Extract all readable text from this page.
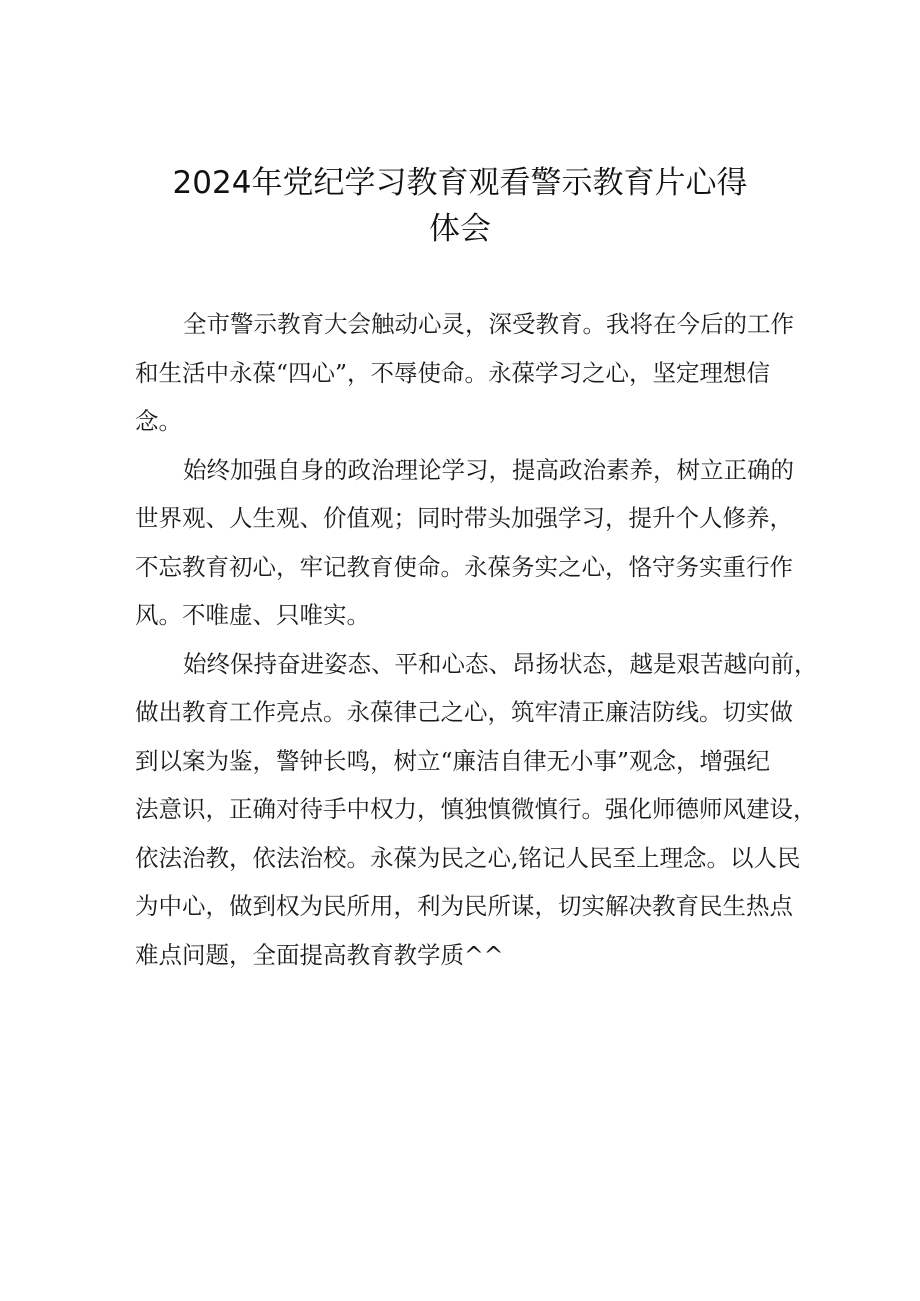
2024年党纪学习教育观看警示教育片心得
体会

全市警示教育大会触动心灵，深受教育。我将在今后的工作
和生活中永葆“四心”，不辱使命。永葆学习之心，坚定理想信
念。

始终加强自身的政治理论学习，提高政治素养，树立正确的
世界观、人生观、价值观；同时带头加强学习，提升个人修养，
不忘教育初心，牢记教育使命。永葆务实之心，恪守务实重行作
风。不唯虚、只唯实。

始终保持奋进姿态、平和心态、昂扬状态，越是艰苦越向前，
做出教育工作亮点。永葆律己之心，筑牢清正廉洁防线。切实做
到以案为鉴，警钟长鸣，树立“廉洁自律无小事”观念，增强纪
法意识，正确对待手中权力，慎独慎微慎行。强化师德师风建设，
依法治教，依法治校。永葆为民之心,铭记人民至上理念。以人民
为中心，做到权为民所用，利为民所谋，切实解决教育民生热点
难点问题，全面提高教育教学质^^
